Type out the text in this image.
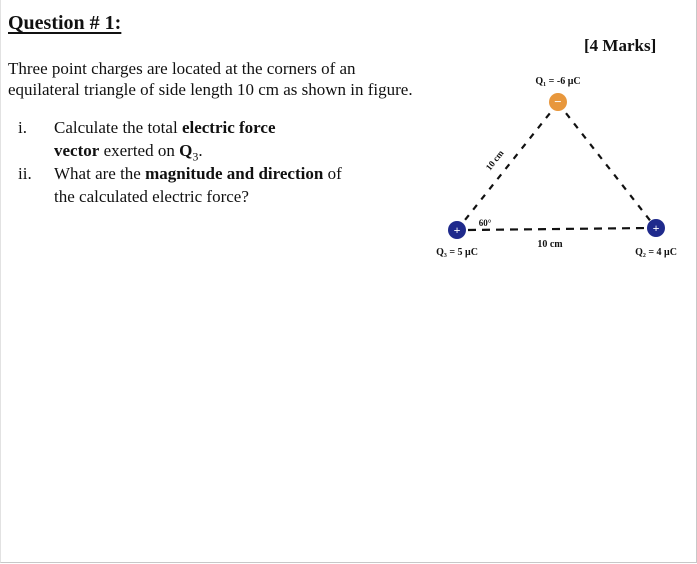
Question # 1:
[4 Marks]
Three point charges are located at the corners of an
equilateral triangle of side length 10 cm as shown in figure.
i.	Calculate the total electric force
vector exerted on $Q_3$.
ii.	What are the magnitude and direction of
the calculated electric force?
−
Q₁ = -6 μC
+
Q₃ = 5 μC
+
Q₂ = 4 μC
10 cm
10 cm
60°
